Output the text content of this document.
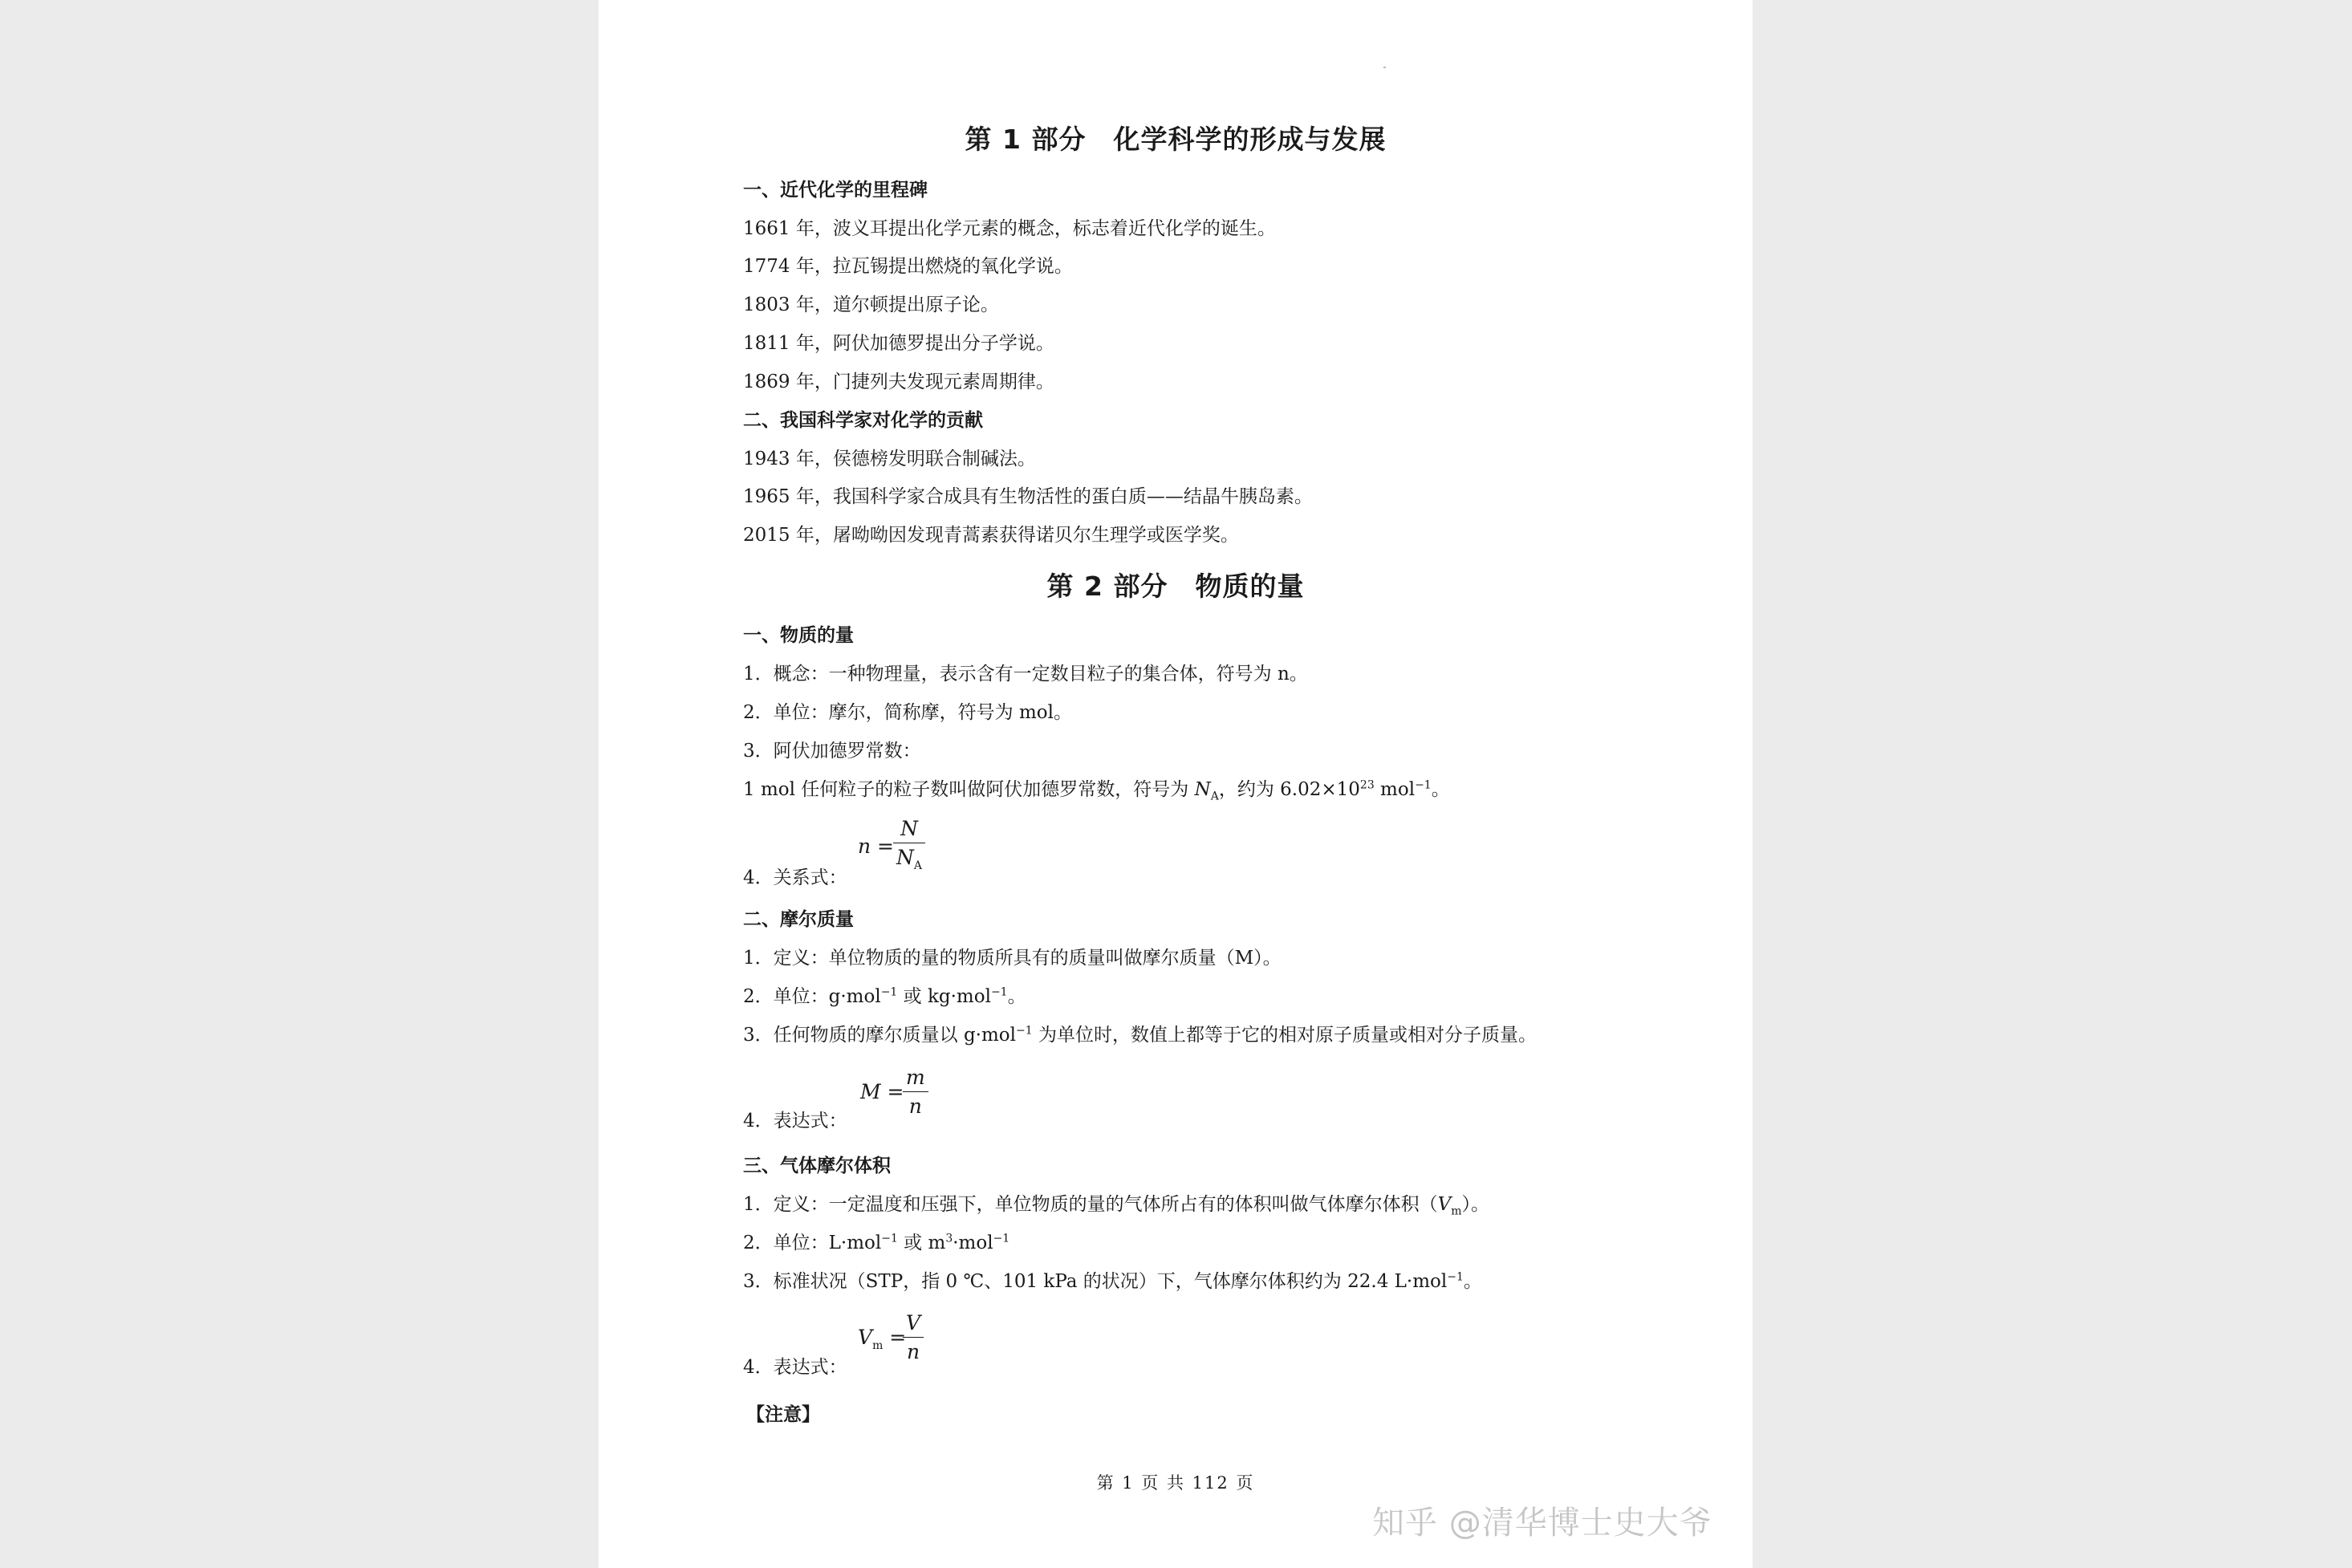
第 1 部分 化学科学的形成与发展
一、近代化学的里程碑
1661 年，波义耳提出化学元素的概念，标志着近代化学的诞生。
1774 年，拉瓦锡提出燃烧的氧化学说。
1803 年，道尔顿提出原子论。
1811 年，阿伏加德罗提出分子学说。
1869 年，门捷列夫发现元素周期律。
二、我国科学家对化学的贡献
1943 年，侯德榜发明联合制碱法。
1965 年，我国科学家合成具有生物活性的蛋白质——结晶牛胰岛素。
2015 年，屠呦呦因发现青蒿素获得诺贝尔生理学或医学奖。
第 2 部分 物质的量
一、物质的量
1．概念：一种物理量，表示含有一定数目粒子的集合体，符号为 n。
2．单位：摩尔，简称摩，符号为 mol。
3．阿伏加德罗常数：
1 mol 任何粒子的粒子数叫做阿伏加德罗常数，符号为 $N_A$，约为 $6.02\times 10^{23}$ mol$^{-1}$。
4．关系式：
n =
N
$N_A$
二、摩尔质量
1．定义：单位物质的量的物质所具有的质量叫做摩尔质量（M）。
2．单位：g·mol$^{-1}$ 或 kg·mol$^{-1}$。
3．任何物质的摩尔质量以 g·mol$^{-1}$ 为单位时，数值上都等于它的相对原子质量或相对分子质量。
4．表达式：
M =
m
n
三、气体摩尔体积
1．定义：一定温度和压强下，单位物质的量的气体所占有的体积叫做气体摩尔体积$(V_m)$。
2．单位：L·mol$^{-1}$ 或 $m^3\cdot mol^{-1}$
3．标准状况（STP，指 0 ℃、101 kPa 的状况）下，气体摩尔体积约为 22.4 L·mol$^{-1}$。
4．表达式：
$V_m$ =
V
n
【注意】
第 1 页 共 112 页
知乎 @清华博士史大爷
